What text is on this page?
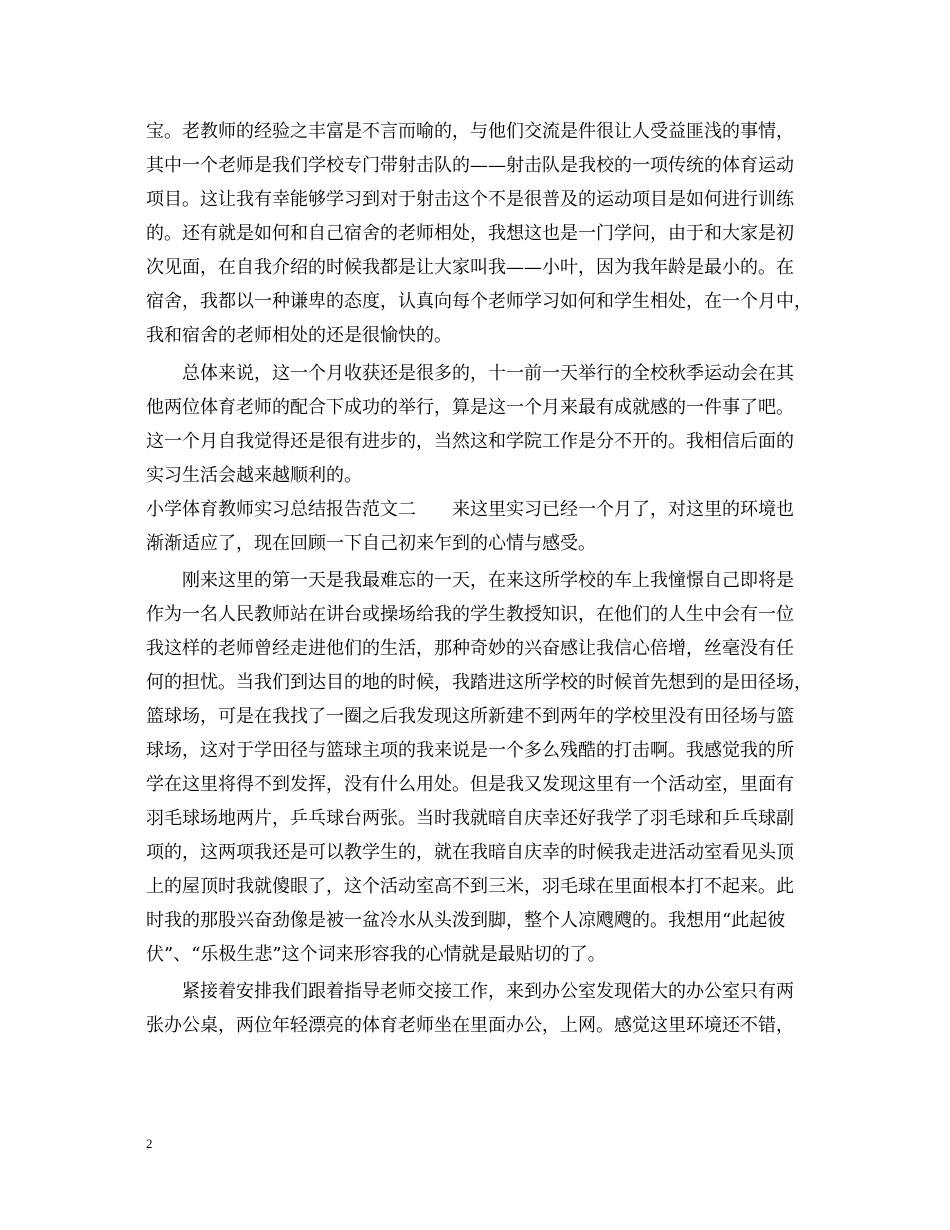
宝。老教师的经验之丰富是不言而喻的，与他们交流是件很让人受益匪浅的事情，
其中一个老师是我们学校专门带射击队的——射击队是我校的一项传统的体育运动
项目。这让我有幸能够学习到对于射击这个不是很普及的运动项目是如何进行训练
的。还有就是如何和自己宿舍的老师相处，我想这也是一门学问，由于和大家是初
次见面，在自我介绍的时候我都是让大家叫我——小叶，因为我年龄是最小的。在
宿舍，我都以一种谦卑的态度，认真向每个老师学习如何和学生相处，在一个月中，
我和宿舍的老师相处的还是很愉快的。
　　总体来说，这一个月收获还是很多的，十一前一天举行的全校秋季运动会在其
他两位体育老师的配合下成功的举行，算是这一个月来最有成就感的一件事了吧。
这一个月自我觉得还是很有进步的，当然这和学院工作是分不开的。我相信后面的
实习生活会越来越顺利的。
小学体育教师实习总结报告范文二　　来这里实习已经一个月了，对这里的环境也
渐渐适应了，现在回顾一下自己初来乍到的心情与感受。
　　刚来这里的第一天是我最难忘的一天，在来这所学校的车上我憧憬自己即将是
作为一名人民教师站在讲台或操场给我的学生教授知识，在他们的人生中会有一位
我这样的老师曾经走进他们的生活，那种奇妙的兴奋感让我信心倍增，丝毫没有任
何的担忧。当我们到达目的地的时候，我踏进这所学校的时候首先想到的是田径场，
篮球场，可是在我找了一圈之后我发现这所新建不到两年的学校里没有田径场与篮
球场，这对于学田径与篮球主项的我来说是一个多么残酷的打击啊。我感觉我的所
学在这里将得不到发挥，没有什么用处。但是我又发现这里有一个活动室，里面有
羽毛球场地两片，乒乓球台两张。当时我就暗自庆幸还好我学了羽毛球和乒乓球副
项的，这两项我还是可以教学生的，就在我暗自庆幸的时候我走进活动室看见头顶
上的屋顶时我就傻眼了，这个活动室高不到三米，羽毛球在里面根本打不起来。此
时我的那股兴奋劲像是被一盆冷水从头泼到脚，整个人凉飕飕的。我想用“此起彼
伏”、“乐极生悲”这个词来形容我的心情就是最贴切的了。
　　紧接着安排我们跟着指导老师交接工作，来到办公室发现偌大的办公室只有两
张办公桌，两位年轻漂亮的体育老师坐在里面办公，上网。感觉这里环境还不错，
2
